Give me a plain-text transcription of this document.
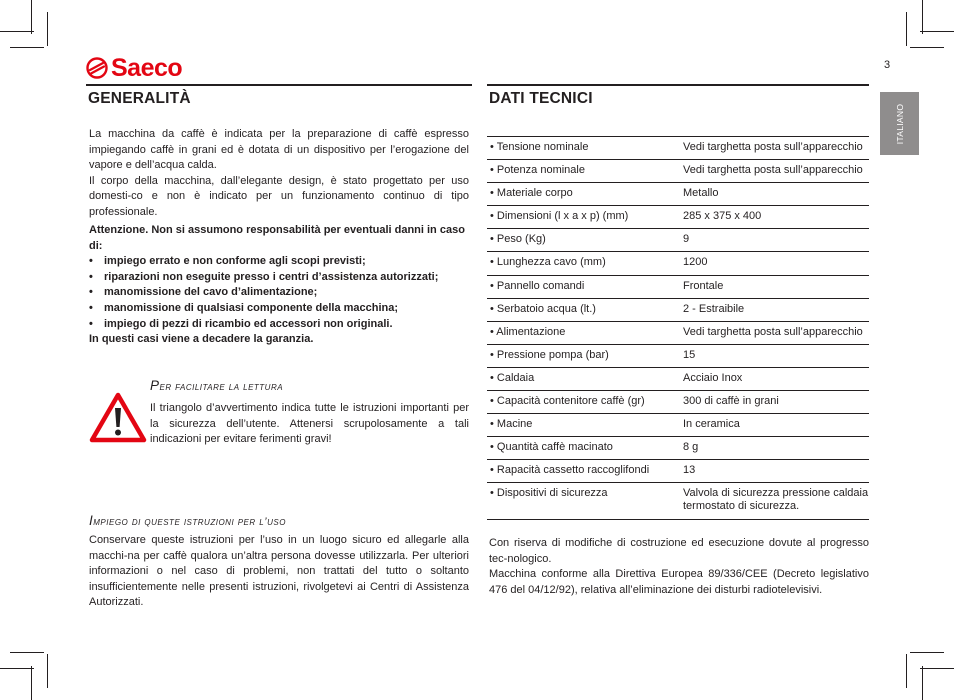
Saeco	3
ITALIANO
GENERALITÀ

La macchina da caffè è indicata per la preparazione di caffè espresso impiegando caffè in grani ed è dotata di un dispositivo per l’erogazione del vapore e dell’acqua calda.

Il corpo della macchina, dall’elegante design, è stato progettato per uso domesti-co e non è indicato per un funzionamento continuo di tipo professionale.

Attenzione. Non si assumono responsabilità per eventuali danni in caso di:

• impiego errato e non conforme agli scopi previsti;
• riparazioni non eseguite presso i centri d’assistenza autorizzati;
• manomissione del cavo d’alimentazione;
• manomissione di qualsiasi componente della macchina;
• impiego di pezzi di ricambio ed accessori non originali.

In questi casi viene a decadere la garanzia.

Per facilitare la lettura
Il triangolo d’avvertimento indica tutte le istruzioni importanti per la sicurezza dell’utente. Attenersi scrupolosamente a tali indicazioni per evitare ferimenti gravi!
Impiego di queste istruzioni per l’uso
Conservare queste istruzioni per l’uso in un luogo sicuro ed allegarle alla macchi-na per caffè qualora un’altra persona dovesse utilizzarla. Per ulteriori informazioni o nel caso di problemi, non trattati del tutto o soltanto insufficientemente nelle presenti istruzioni, rivolgetevi ai Centri di Assistenza Autorizzati.
DATI TECNICI
• Tensione nominale	Vedi targhetta posta sull’apparecchio
• Potenza nominale	Vedi targhetta posta sull’apparecchio
• Materiale corpo	Metallo
• Dimensioni (l x a x p) (mm)	285 x 375 x 400
• Peso (Kg)	9
• Lunghezza cavo (mm)	1200
• Pannello comandi	Frontale
• Serbatoio acqua (lt.)	2 - Estraibile
• Alimentazione	Vedi targhetta posta sull’apparecchio
• Pressione pompa (bar)	15
• Caldaia	Acciaio Inox
• Capacità contenitore caffè (gr)	300 di caffè in grani
• Macine	In ceramica
• Quantità caffè macinato	8 g
• Rapacità cassetto raccoglifondi	13
• Dispositivi di sicurezza	Valvola di sicurezza pressione caldaia
termostato di sicurezza.

Con riserva di modifiche di costruzione ed esecuzione dovute al progresso tec-nologico.

Macchina conforme alla Direttiva Europea 89/336/CEE (Decreto legislativo 476 del 04/12/92), relativa all’eliminazione dei disturbi radiotelevisivi.
